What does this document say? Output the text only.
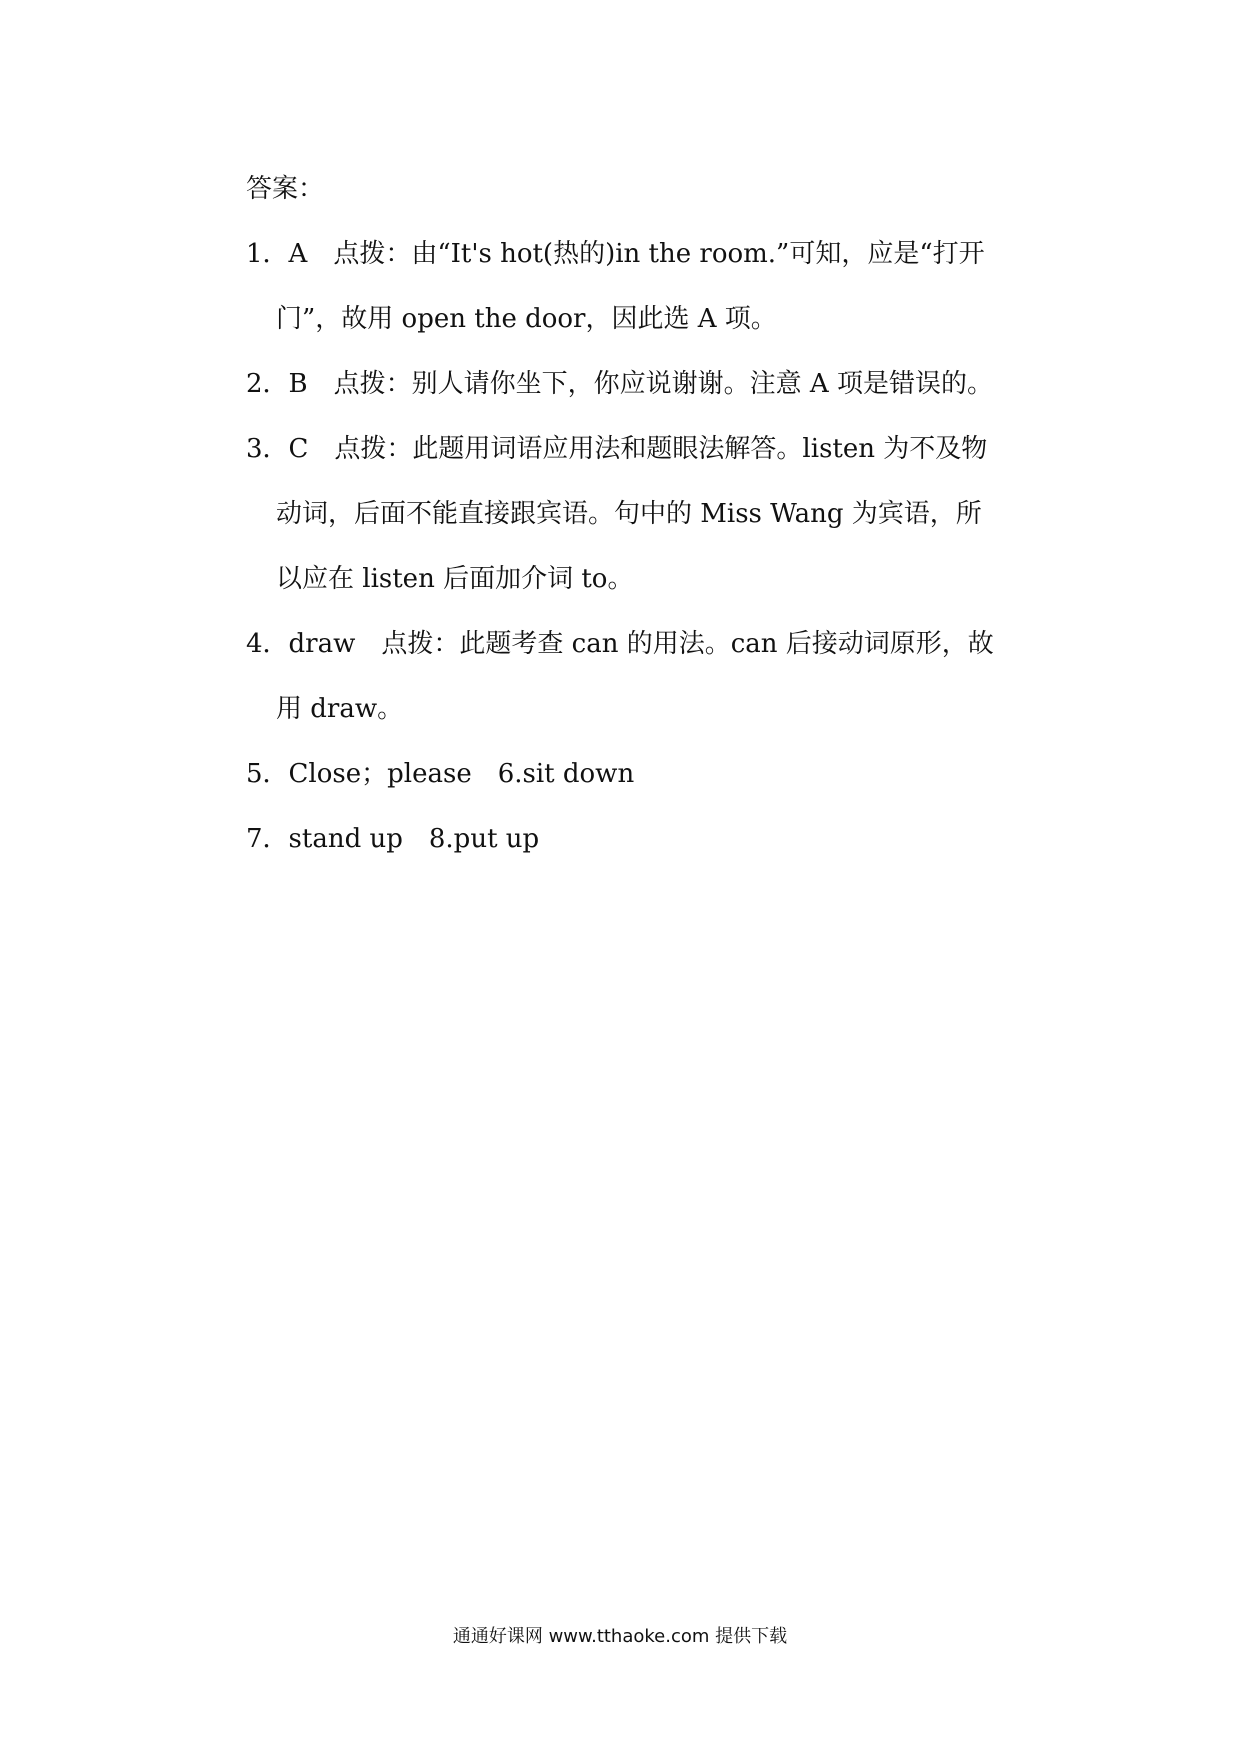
答案：
1．A　点拨：由“It's hot(热的)in the room.”可知，应是“打开
门”，故用 open the door，因此选 A 项。
2．B　点拨：别人请你坐下，你应说谢谢。注意 A 项是错误的。
3．C　点拨：此题用词语应用法和题眼法解答。listen 为不及物
动词，后面不能直接跟宾语。句中的 Miss Wang 为宾语，所
以应在 listen 后面加介词 to。
4．draw　点拨：此题考查 can 的用法。can 后接动词原形，故
用 draw。
5．Close；please　6.sit down
7．stand up　8.put up
通通好课网 www.tthaoke.com 提供下载
